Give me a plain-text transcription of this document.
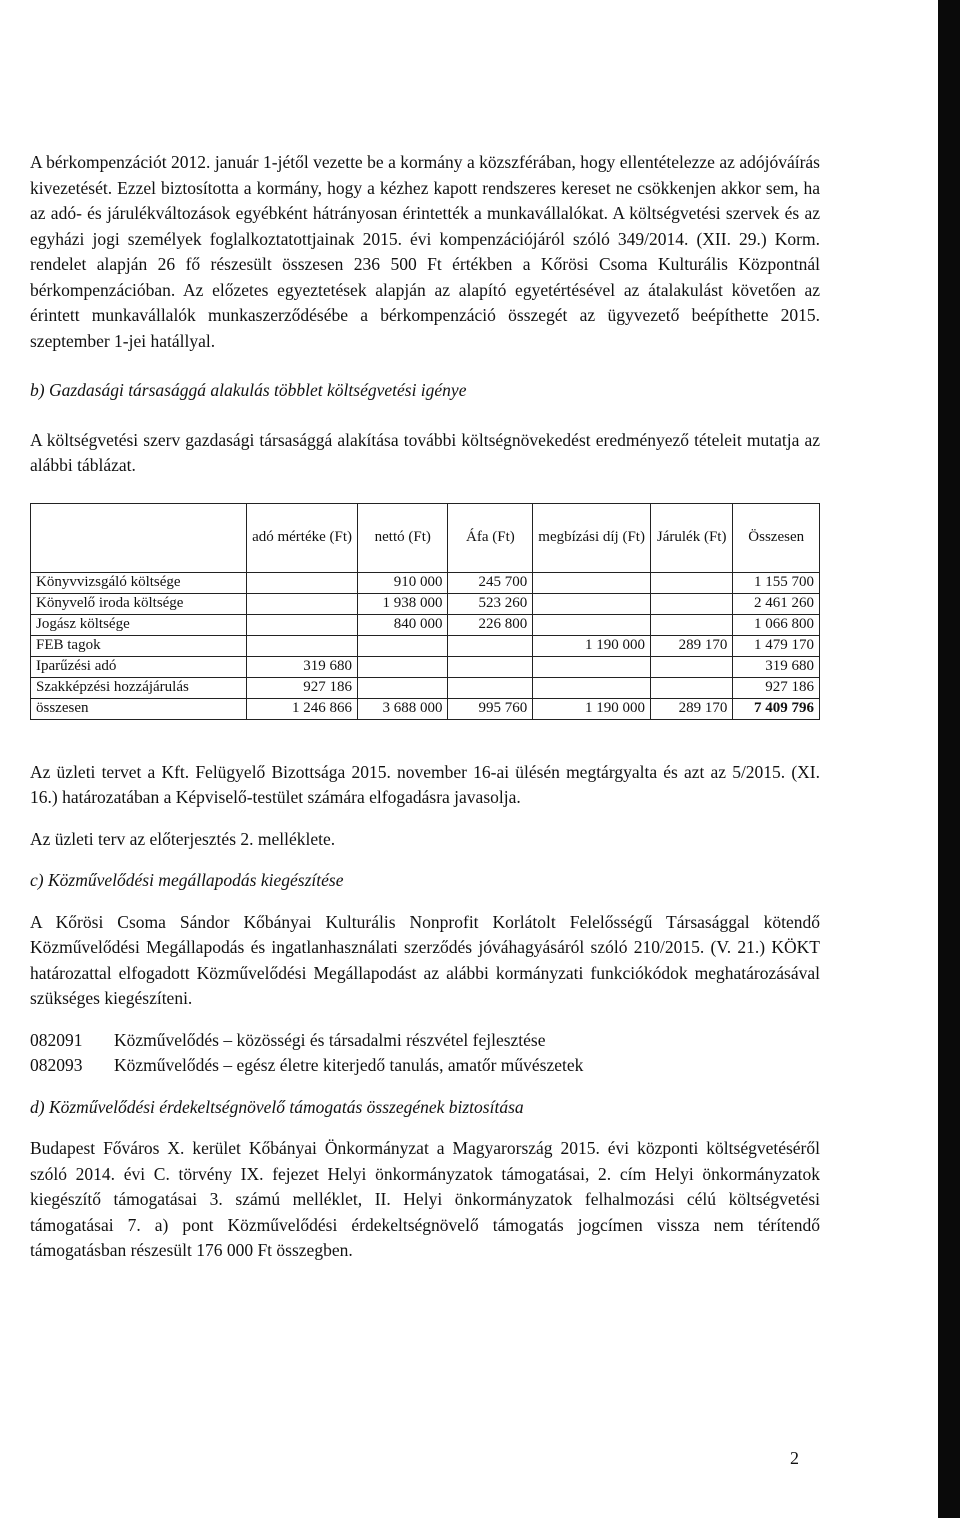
A bérkompenzációt 2012. január 1-jétől vezette be a kormány a közszférában, hogy ellentételezze az adójóváírás kivezetését. Ezzel biztosította a kormány, hogy a kézhez kapott rendszeres kereset ne csökkenjen akkor sem, ha az adó- és járulékváltozások egyébként hátrányosan érintették a munkavállalókat. A költségvetési szervek és az egyházi jogi személyek foglalkoztatottjainak 2015. évi kompenzációjáról szóló 349/2014. (XII. 29.) Korm. rendelet alapján 26 fő részesült összesen 236 500 Ft értékben a Kőrösi Csoma Kulturális Központnál bérkompenzációban. Az előzetes egyeztetések alapján az alapító egyetértésével az átalakulást követően az érintett munkavállalók munkaszerződésébe a bérkompenzáció összegét az ügyvezető beépíthette 2015. szeptember 1-jei hatállyal.

b) Gazdasági társasággá alakulás többlet költségvetési igénye

A költségvetési szerv gazdasági társasággá alakítása további költségnövekedést eredményező tételeit mutatja az alábbi táblázat.

	adó mértéke (Ft)	nettó (Ft)	Áfa (Ft)	megbízási díj (Ft)	Járulék (Ft)	Összesen
Könyvvizsgáló költsége		910 000	245 700			1 155 700
Könyvelő iroda költsége		1 938 000	523 260			2 461 260
Jogász költsége		840 000	226 800			1 066 800
FEB tagok				1 190 000	289 170	1 479 170
Iparűzési adó	319 680					319 680
Szakképzési hozzájárulás	927 186					927 186
összesen	1 246 866	3 688 000	995 760	1 190 000	289 170	7 409 796

Az üzleti tervet a Kft. Felügyelő Bizottsága 2015. november 16-ai ülésén megtárgyalta és azt az 5/2015. (XI. 16.) határozatában a Képviselő-testület számára elfogadásra javasolja.

Az üzleti terv az előterjesztés 2. melléklete.

c) Közművelődési megállapodás kiegészítése

A Kőrösi Csoma Sándor Kőbányai Kulturális Nonprofit Korlátolt Felelősségű Társasággal kötendő Közművelődési Megállapodás és ingatlanhasználati szerződés jóváhagyásáról szóló 210/2015. (V. 21.) KÖKT határozattal elfogadott Közművelődési Megállapodást az alábbi kormányzati funkciókódok meghatározásával szükséges kiegészíteni.

082091	Közművelődés – közösségi és társadalmi részvétel fejlesztése
082093	Közművelődés – egész életre kiterjedő tanulás, amatőr művészetek
d) Közművelődési érdekeltségnövelő támogatás összegének biztosítása

Budapest Főváros X. kerület Kőbányai Önkormányzat a Magyarország 2015. évi központi költségvetéséről szóló 2014. évi C. törvény IX. fejezet Helyi önkormányzatok támogatásai, 2. cím Helyi önkormányzatok kiegészítő támogatásai 3. számú melléklet, II. Helyi önkormányzatok felhalmozási célú költségvetési támogatásai 7. a) pont Közművelődési érdekeltségnövelő támogatás jogcímen vissza nem térítendő támogatásban részesült 176 000 Ft összegben.

2
